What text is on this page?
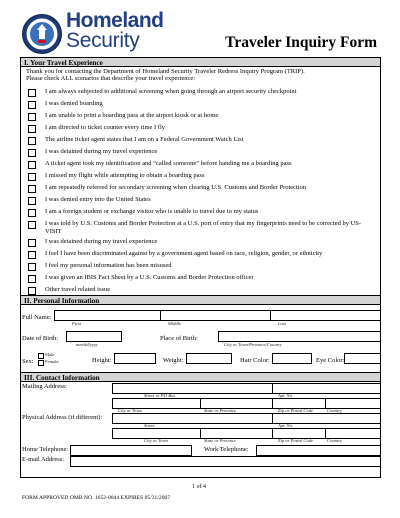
Homeland
Security	Traveler Inquiry Form
I. Your Travel Experience
Thank you for contacting the Department of Homeland Security Traveler Redress Inquiry Program (TRIP).
Please check ALL scenarios that describe your travel experience:
I am always subjected to additional screening when going through an airport security checkpoint
I was denied boarding
I am unable to print a boarding pass at the airport kiosk or at home
I am directed to ticket counter every time I fly
The airline ticket agent states that I am on a Federal Government Watch List
I was detained during my travel experience
A ticket agent took my identification and “called someone” before handing me a boarding pass
I missed my flight while attempting to obtain a boarding pass
I am repeatedly referred for secondary screening when clearing U.S. Customs and Border Protection
I was denied entry into the United States
I am a foreign student or exchange visitor who is unable to travel due to my status
I was told by U.S. Customs and Border Protection at a U.S. port of entry that my fingerprints need to be corrected by US-VISIT
I was detained during my travel experience
I feel I have been discriminated against by a government agent based on race, religion, gender, or ethnicity
I feel my personal information has been misused
I was given an IBIS Fact Sheet by a U.S. Customs and Border Protection officer
Other travel related issue
II. Personal Information
Full Name:
First	Middle	Last
Date of Birth:
mm/dd/yyyy
Place of Birth:
City or Town/Province/Country
Sex:
Male
Female	Height:	Weight:	Hair Color:	Eye Color:
III. Contact Information
Mailing Address:
Street or PO Box	Apt. No.
City or Town	State or Province	Zip or Postal Code	Country
Physical Address (if different):
Street	Apt. No.
City or Town	State or Province	Zip or Postal Code	Country
Home Telephone:	Work Telephone:
E-mail Address:
1 of 4
FORM APPROVED OMB NO. 1652-0044 EXPIRES 05/31/2007
